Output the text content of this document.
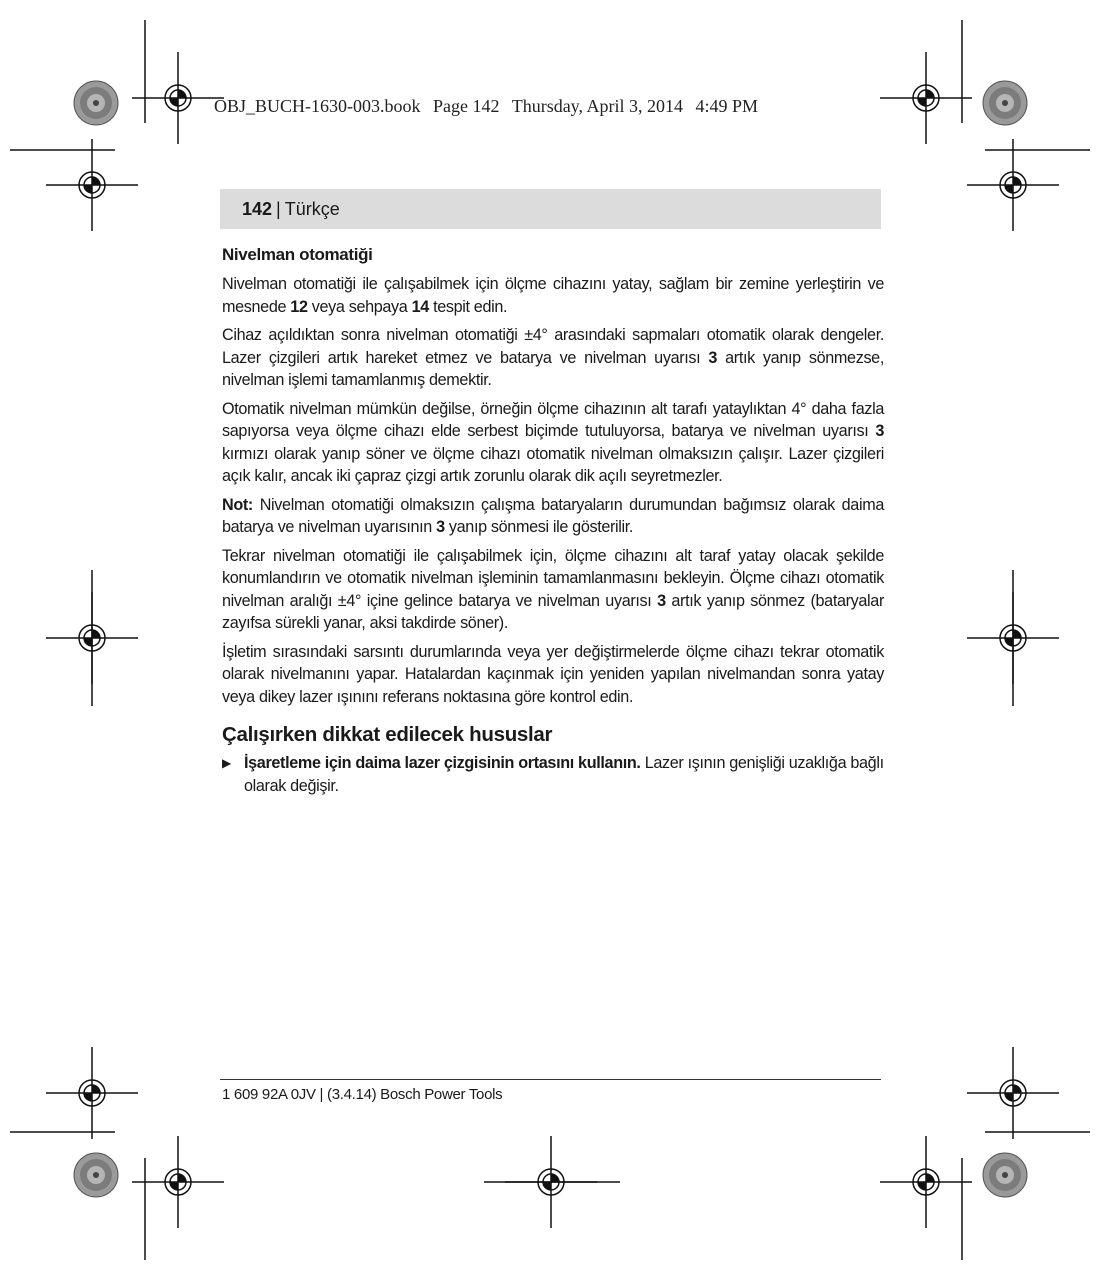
OBJ_BUCH-1630-003.book Page 142 Thursday, April 3, 2014 4:49 PM
142 | Türkçe
Nivelman otomatiği

Nivelman otomatiği ile çalışabilmek için ölçme cihazını yatay, sağlam bir zemine yerleştirin ve mesnede 12 veya sehpaya 14 tespit edin.

Cihaz açıldıktan sonra nivelman otomatiği ±4° arasındaki sapmaları otomatik olarak dengeler. Lazer çizgileri artık hareket etmez ve batarya ve nivelman uyarısı 3 artık yanıp sönmezse, nivelman işlemi tamamlanmış demektir.

Otomatik nivelman mümkün değilse, örneğin ölçme cihazının alt tarafı yataylıktan 4° daha fazla sapıyorsa veya ölçme cihazı elde serbest biçimde tutuluyorsa, batarya ve nivelman uyarısı 3 kırmızı olarak yanıp söner ve ölçme cihazı otomatik nivelman olmaksızın çalışır. Lazer çizgileri açık kalır, ancak iki çapraz çizgi artık zorunlu olarak dik açılı seyretmezler.

Not: Nivelman otomatiği olmaksızın çalışma bataryaların durumundan bağımsız olarak daima batarya ve nivelman uyarısının 3 yanıp sönmesi ile gösterilir.

Tekrar nivelman otomatiği ile çalışabilmek için, ölçme cihazını alt taraf yatay olacak şekilde konumlandırın ve otomatik nivelman işleminin tamamlanmasını bekleyin. Ölçme cihazı otomatik nivelman aralığı ±4° içine gelince batarya ve nivelman uyarısı 3 artık yanıp sönmez (bataryalar zayıfsa sürekli yanar, aksi takdirde söner).

İşletim sırasındaki sarsıntı durumlarında veya yer değiştirmelerde ölçme cihazı tekrar otomatik olarak nivelmanını yapar. Hatalardan kaçınmak için yeniden yapılan nivelmandan sonra yatay veya dikey lazer ışınını referans noktasına göre kontrol edin.

Çalışırken dikkat edilecek hususlar
▶ İşaretleme için daima lazer çizgisinin ortasını kullanın. Lazer ışının genişliği uzaklığa bağlı olarak değişir.
1 609 92A 0JV | (3.4.14) Bosch Power Tools
